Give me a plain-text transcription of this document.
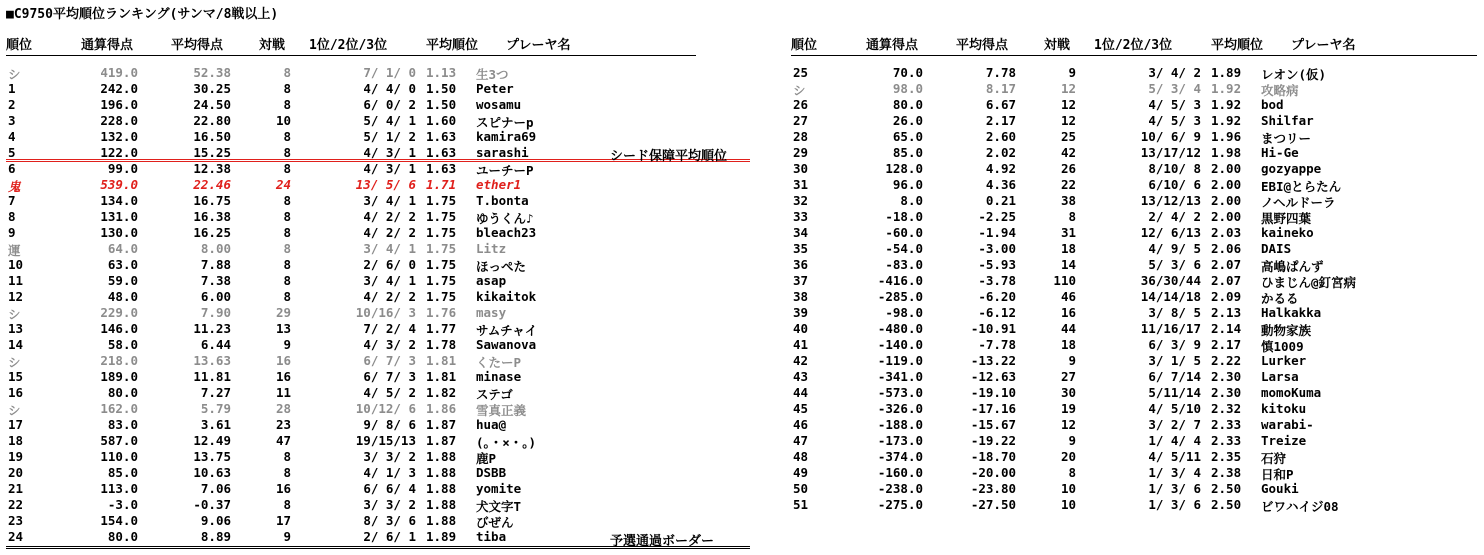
■C9750平均順位ランキング(サンマ/8戦以上)
順位	通算得点	平均得点	対戦 1位/2位/3位	平均順位 プレーヤ名
シ	419.0	52.38	8	7/ 1/ 0 1.13	生3つ
1	242.0	30.25	8	4/ 4/ 0 1.50	Peter
2	196.0	24.50	8	6/ 0/ 2 1.50	wosamu
3	228.0	22.80	10	5/ 4/ 1 1.60	スピナーp
4	132.0	16.50	8	5/ 1/ 2 1.63	kamira69
5	122.0	15.25	8	4/ 3/ 1 1.63	sarashi
6	99.0	12.38	8	4/ 3/ 1 1.63	ユーチーP
鬼	539.0	22.46	24	13/ 5/ 6 1.71	ether1
7	134.0	16.75	8	3/ 4/ 1 1.75	T.bonta
8	131.0	16.38	8	4/ 2/ 2 1.75	ゆうくん♪
9	130.0	16.25	8	4/ 2/ 2 1.75	bleach23
運	64.0	8.00	8	3/ 4/ 1 1.75	Litz
10	63.0	7.88	8	2/ 6/ 0 1.75	ほっぺた
11	59.0	7.38	8	3/ 4/ 1 1.75	asap
12	48.0	6.00	8	4/ 2/ 2 1.75	kikaitok
シ	229.0	7.90	29	10/16/ 3 1.76	masy
13	146.0	11.23	13	7/ 2/ 4 1.77	サムチャイ
14	58.0	6.44	9	4/ 3/ 2 1.78	Sawanova
シ	218.0	13.63	16	6/ 7/ 3 1.81	くたーP
15	189.0	11.81	16	6/ 7/ 3 1.81	minase
16	80.0	7.27	11	4/ 5/ 2 1.82	ステゴ
シ	162.0	5.79	28	10/12/ 6 1.86	雪真正義
17	83.0	3.61	23	9/ 8/ 6 1.87	hua@
18	587.0	12.49	47	19/15/13 1.87	(。・×・。)
19	110.0	13.75	8	3/ 3/ 2 1.88	鹿P
20	85.0	10.63	8	4/ 1/ 3 1.88	DSBB
21	113.0	7.06	16	6/ 6/ 4 1.88	yomite
22	-3.0	-0.37	8	3/ 3/ 2 1.88	犬文字T
23	154.0	9.06	17	8/ 3/ 6 1.88	びぜん
24	80.0	8.89	9	2/ 6/ 1 1.89	tiba
シード保障平均順位
予選通過ボーダー
順位	通算得点	平均得点	対戦 1位/2位/3位	平均順位 プレーヤ名
25	70.0	7.78	9	3/ 4/ 2 1.89	レオン(仮)
シ	98.0	8.17	12	5/ 3/ 4 1.92	攻略病
26	80.0	6.67	12	4/ 5/ 3 1.92	bod
27	26.0	2.17	12	4/ 5/ 3 1.92	Shilfar
28	65.0	2.60	25	10/ 6/ 9 1.96	まつリー
29	85.0	2.02	42	13/17/12 1.98	Hi-Ge
30	128.0	4.92	26	8/10/ 8 2.00	gozyappe
31	96.0	4.36	22	6/10/ 6 2.00	EBI@とらたん
32	8.0	0.21	38	13/12/13 2.00	ノヘルドーラ
33	-18.0	-2.25	8	2/ 4/ 2 2.00	黒野四葉
34	-60.0	-1.94	31	12/ 6/13 2.03	kaineko
35	-54.0	-3.00	18	4/ 9/ 5 2.06	DAIS
36	-83.0	-5.93	14	5/ 3/ 6 2.07	高嶋ぱんず
37	-416.0	-3.78	110	36/30/44 2.07	ひまじん@釘宮病
38	-285.0	-6.20	46	14/14/18 2.09	かるる
39	-98.0	-6.12	16	3/ 8/ 5 2.13	Halkakka
40	-480.0	-10.91	44	11/16/17 2.14	動物家族
41	-140.0	-7.78	18	6/ 3/ 9 2.17	慎1009
42	-119.0	-13.22	9	3/ 1/ 5 2.22	Lurker
43	-341.0	-12.63	27	6/ 7/14 2.30	Larsa
44	-573.0	-19.10	30	5/11/14 2.30	momoKuma
45	-326.0	-17.16	19	4/ 5/10 2.32	kitoku
46	-188.0	-15.67	12	3/ 2/ 7 2.33	warabi-
47	-173.0	-19.22	9	1/ 4/ 4 2.33	Treize
48	-374.0	-18.70	20	4/ 5/11 2.35	石狩
49	-160.0	-20.00	8	1/ 3/ 4 2.38	日和P
50	-238.0	-23.80	10	1/ 3/ 6 2.50	Gouki
51	-275.0	-27.50	10	1/ 3/ 6 2.50	ビワハイジ08
